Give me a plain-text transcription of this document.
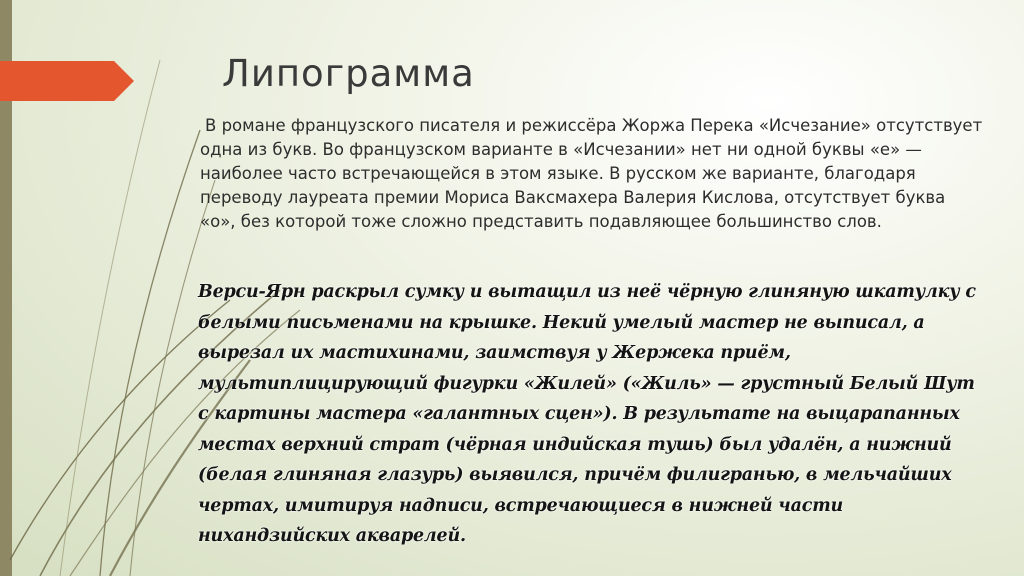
Липограмма

В романе французского писателя и режиссёра Жоржа Перека «Исчезание» отсутствует одна из букв. Во французском варианте в «Исчезании» нет ни одной буквы «е» — наиболее часто встречающейся в этом языке. В русском же варианте, благодаря переводу лауреата премии Мориса Ваксмахера Валерия Кислова, отсутствует буква «о», без которой тоже сложно представить подавляющее большинство слов.

Верси-Ярн раскрыл сумку и вытащил из неё чёрную глиняную шкатулку с белыми письменами на крышке. Некий умелый мастер не выписал, а вырезал их мастихинами, заимствуя у Жержека приём, мультиплицирующий фигурки «Жилей» («Жиль» — грустный Белый Шут с картины мастера «галантных сцен»). В результате на выцарапанных местах верхний страт (чёрная индийская тушь) был удалён, а нижний (белая глиняная глазурь) выявился, причём филигранью, в мельчайших чертах, имитируя надписи, встречающиеся в нижней части нихандзийских акварелей.
